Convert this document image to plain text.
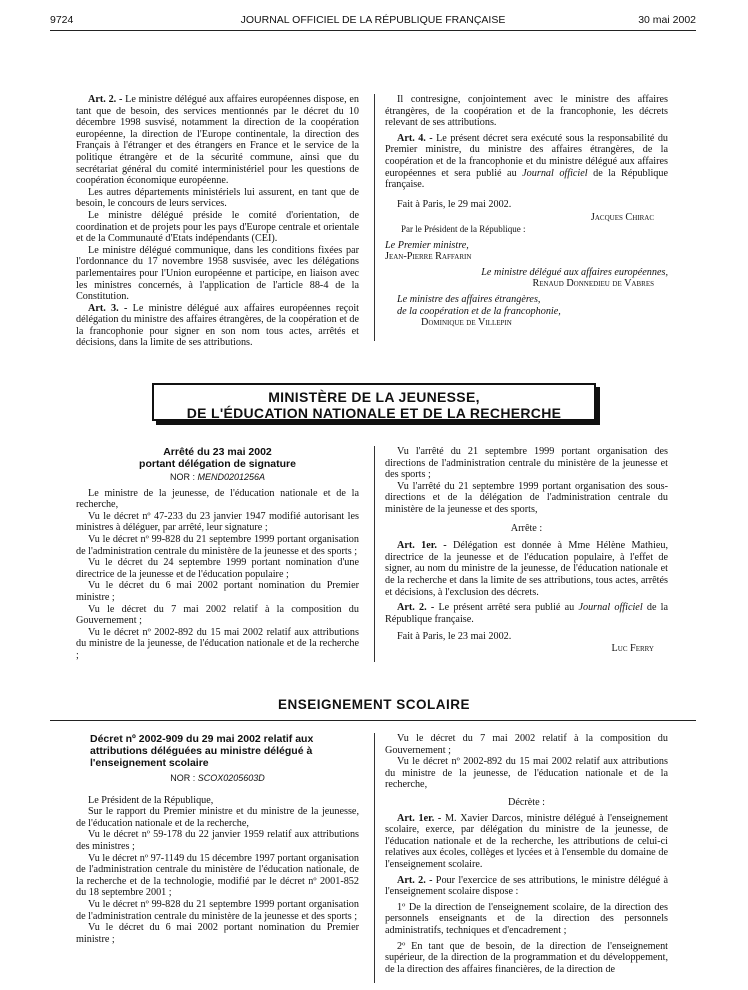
9724	JOURNAL OFFICIEL DE LA RÉPUBLIQUE FRANÇAISE	30 mai 2002

Art. 2. - Le ministre délégué aux affaires européennes dispose, en tant que de besoin, des services mentionnés par le décret du 10 décembre 1998 susvisé, notamment la direction de la coopération européenne, la direction de l'Europe continentale, la direction des Français à l'étranger et des étrangers en France et le service de la politique étrangère et de la sécurité commune, ainsi que du secrétariat général du comité interministériel pour les questions de coopération économique européenne.

Les autres départements ministériels lui assurent, en tant que de besoin, le concours de leurs services.

Le ministre délégué préside le comité d'orientation, de coordination et de projets pour les pays d'Europe centrale et orientale et de la Communauté d'Etats indépendants (CEI).

Le ministre délégué communique, dans les conditions fixées par l'ordonnance du 17 novembre 1958 susvisée, avec les délégations parlementaires pour l'Union européenne et participe, en liaison avec les ministres concernés, à l'application de l'article 88-4 de la Constitution.

Art. 3. - Le ministre délégué aux affaires européennes reçoit délégation du ministre des affaires étrangères, de la coopération et de la francophonie pour signer en son nom tous actes, arrêtés et décisions, dans la limite de ses attributions.

Il contresigne, conjointement avec le ministre des affaires étrangères, de la coopération et de la francophonie, les décrets relevant de ses attributions.

Art. 4. - Le présent décret sera exécuté sous la responsabilité du Premier ministre, du ministre des affaires étrangères, de la coopération et de la francophonie et du ministre délégué aux affaires européennes et sera publié au Journal officiel de la République française.

Fait à Paris, le 29 mai 2002.

Jacques Chirac

Par le Président de la République :

Le Premier ministre,

Jean-Pierre Raffarin

Le ministre délégué aux affaires européennes,

Renaud Donnedieu de Vabres

Le ministre des affaires étrangères,

de la coopération et de la francophonie,

Dominique de Villepin

MINISTÈRE DE LA JEUNESSE,
DE L'ÉDUCATION NATIONALE ET DE LA RECHERCHE
Arrêté du 23 mai 2002
portant délégation de signature
NOR : MEND0201256A

Le ministre de la jeunesse, de l'éducation nationale et de la recherche,

Vu le décret nº 47-233 du 23 janvier 1947 modifié autorisant les ministres à déléguer, par arrêté, leur signature ;

Vu le décret nº 99-828 du 21 septembre 1999 portant organisation de l'administration centrale du ministère de la jeunesse et des sports ;

Vu le décret du 24 septembre 1999 portant nomination d'une directrice de la jeunesse et de l'éducation populaire ;

Vu le décret du 6 mai 2002 portant nomination du Premier ministre ;

Vu le décret du 7 mai 2002 relatif à la composition du Gouvernement ;

Vu le décret nº 2002-892 du 15 mai 2002 relatif aux attributions du ministre de la jeunesse, de l'éducation nationale et de la recherche ;

Vu l'arrêté du 21 septembre 1999 portant organisation des directions de l'administration centrale du ministère de la jeunesse et des sports ;

Vu l'arrêté du 21 septembre 1999 portant organisation des sous-directions et de la délégation de l'administration centrale du ministère de la jeunesse et des sports,

Arrête :

Art. 1er. - Délégation est donnée à Mme Hélène Mathieu, directrice de la jeunesse et de l'éducation populaire, à l'effet de signer, au nom du ministre de la jeunesse, de l'éducation nationale et de la recherche et dans la limite de ses attributions, tous actes, arrêtés et décisions, à l'exclusion des décrets.

Art. 2. - Le présent arrêté sera publié au Journal officiel de la République française.

Fait à Paris, le 23 mai 2002.

Luc Ferry

ENSEIGNEMENT SCOLAIRE
Décret nº 2002-909 du 29 mai 2002 relatif aux
attributions déléguées au ministre délégué à
l'enseignement scolaire
NOR : SCOX0205603D

Le Président de la République,

Sur le rapport du Premier ministre et du ministre de la jeunesse, de l'éducation nationale et de la recherche,

Vu le décret nº 59-178 du 22 janvier 1959 relatif aux attributions des ministres ;

Vu le décret nº 97-1149 du 15 décembre 1997 portant organisation de l'administration centrale du ministère de l'éducation nationale, de la recherche et de la technologie, modifié par le décret nº 2001-852 du 18 septembre 2001 ;

Vu le décret nº 99-828 du 21 septembre 1999 portant organisation de l'administration centrale du ministère de la jeunesse et des sports ;

Vu le décret du 6 mai 2002 portant nomination du Premier ministre ;

Vu le décret du 7 mai 2002 relatif à la composition du Gouvernement ;

Vu le décret nº 2002-892 du 15 mai 2002 relatif aux attributions du ministre de la jeunesse, de l'éducation nationale et de la recherche,

Décrète :

Art. 1er. - M. Xavier Darcos, ministre délégué à l'enseignement scolaire, exerce, par délégation du ministre de la jeunesse, de l'éducation nationale et de la recherche, les attributions de celui-ci relatives aux écoles, collèges et lycées et à l'ensemble du domaine de l'enseignement scolaire.

Art. 2. - Pour l'exercice de ses attributions, le ministre délégué à l'enseignement scolaire dispose :

1º De la direction de l'enseignement scolaire, de la direction des personnels enseignants et de la direction des personnels administratifs, techniques et d'encadrement ;

2º En tant que de besoin, de la direction de l'enseignement supérieur, de la direction de la programmation et du développement, de la direction des affaires financières, de la direction de
